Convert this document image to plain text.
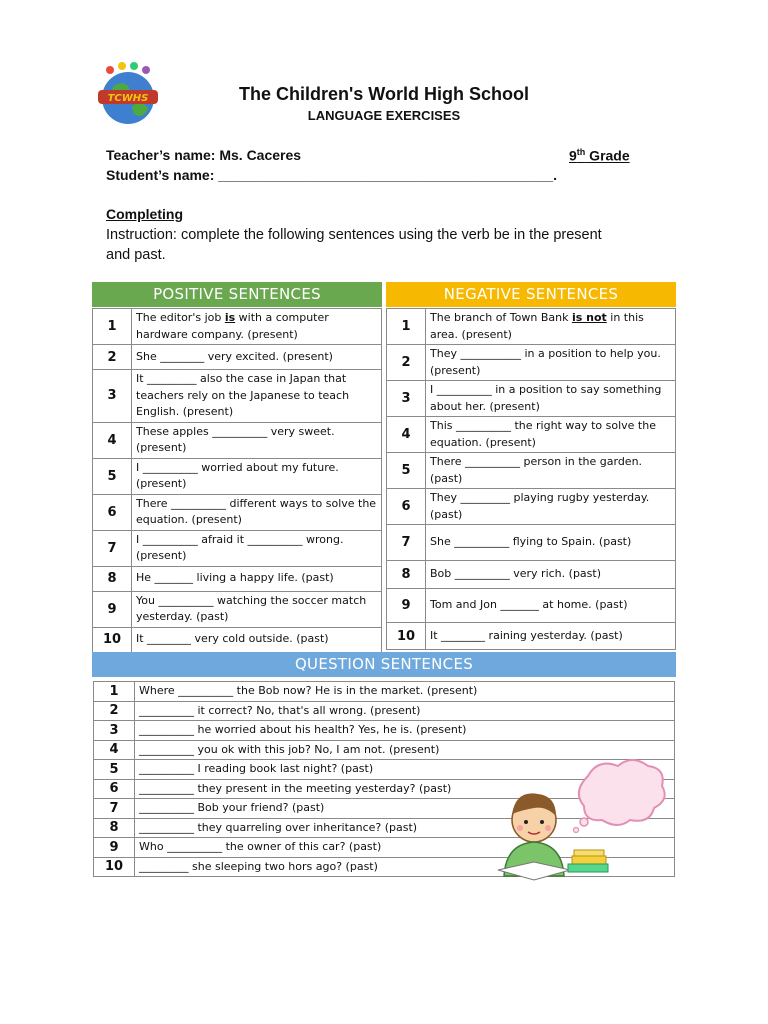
TCWHS	The Children's World High School
LANGUAGE EXERCISES
Teacher’s name: Ms. Caceres	9th Grade
Student’s name: ___________________________________________.
Completing
Instruction: complete the following sentences using the verb be in the present and past.
POSITIVE SENTENCES
1	The editor's job is with a computer hardware company. (present)
2	She ________ very excited. (present)
3	It _________ also the case in Japan that teachers rely on the Japanese to teach English. (present)
4	These apples __________ very sweet. (present)
5	I __________ worried about my future. (present)
6	There __________ different ways to solve the equation. (present)
7	I __________ afraid it __________ wrong. (present)
8	He _______ living a happy life. (past)
9	You __________ watching the soccer match yesterday. (past)
10	It ________ very cold outside. (past)
NEGATIVE SENTENCES
1	The branch of Town Bank is not in this area. (present)
2	They ___________ in a position to help you. (present)
3	I __________ in a position to say something about her. (present)
4	This __________ the right way to solve the equation. (present)
5	There __________ person in the garden. (past)
6	They _________ playing rugby yesterday. (past)
7	She __________ flying to Spain. (past)
8	Bob __________ very rich. (past)
9	Tom and Jon _______ at home. (past)
10	It ________ raining yesterday. (past)
QUESTION SENTENCES
1	Where __________ the Bob now? He is in the market. (present)
2	__________ it correct? No, that's all wrong. (present)
3	__________ he worried about his health? Yes, he is. (present)
4	__________ you ok with this job? No, I am not. (present)
5	__________ I reading book last night? (past)
6	__________ they present in the meeting yesterday? (past)
7	__________ Bob your friend? (past)
8	__________ they quarreling over inheritance? (past)
9	Who __________ the owner of this car? (past)
10	_________ she sleeping two hors ago? (past)
